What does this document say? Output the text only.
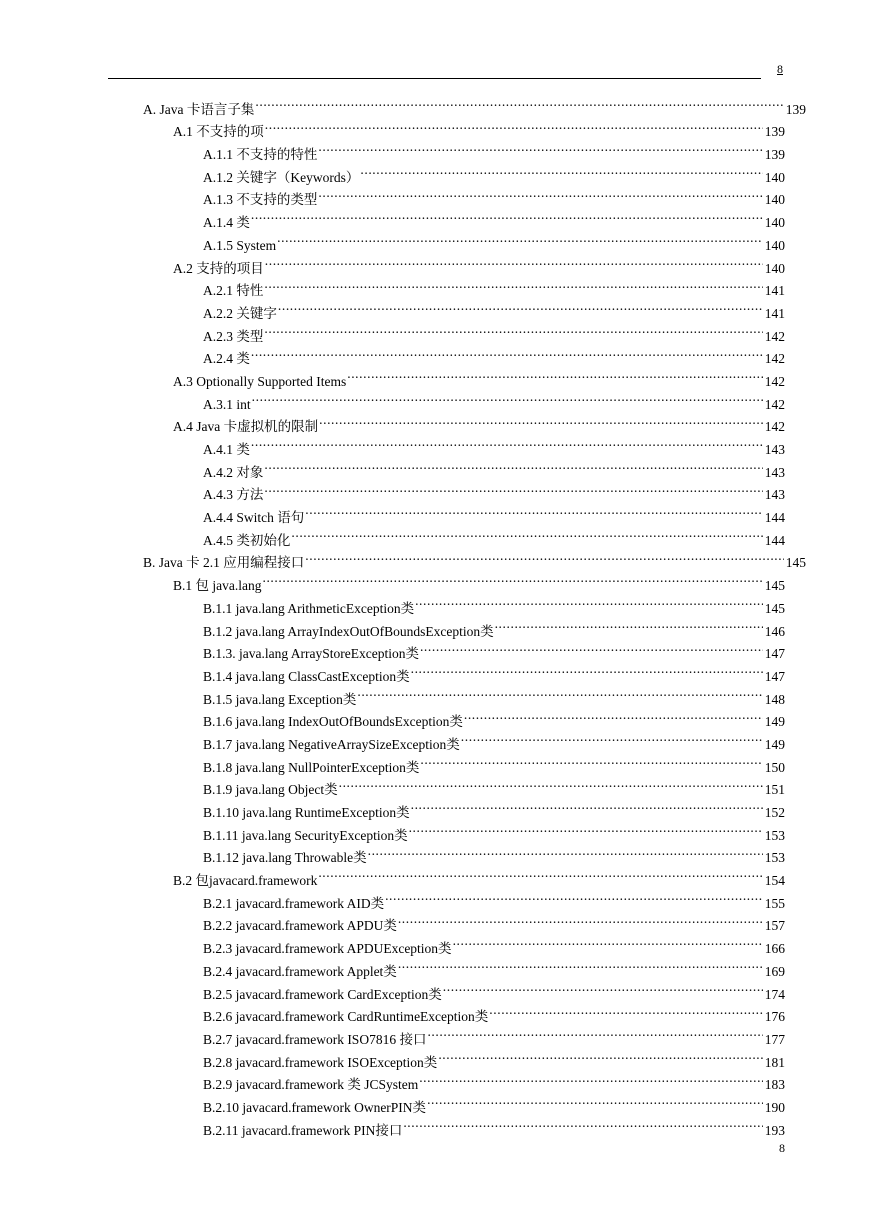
8
A. Java 卡语言子集 .....	139
A.1 不支持的项 .....	139
A.1.1 不支持的特性 .....	139
A.1.2 关键字（Keywords） .....	140
A.1.3 不支持的类型 .....	140
A.1.4 类 .....	140
A.1.5 System .....	140
A.2 支持的项目 .....	140
A.2.1 特性 .....	141
A.2.2 关键字 .....	141
A.2.3 类型 .....	142
A.2.4 类 .....	142
A.3 Optionally Supported Items .....	142
A.3.1 int .....	142
A.4 Java 卡虚拟机的限制 .....	142
A.4.1 类 .....	143
A.4.2 对象 .....	143
A.4.3 方法 .....	143
A.4.4 Switch 语句 .....	144
A.4.5 类初始化 .....	144
B. Java 卡 2.1 应用编程接口 .....	145
B.1 包 java.lang .....	145
B.1.1 java.lang ArithmeticException类 .....	145
B.1.2 java.lang ArrayIndexOutOfBoundsException类 .....	146
B.1.3. java.lang ArrayStoreException类 .....	147
B.1.4 java.lang ClassCastException类 .....	147
B.1.5 java.lang Exception类 .....	148
B.1.6 java.lang IndexOutOfBoundsException类 .....	149
B.1.7 java.lang NegativeArraySizeException类 .....	149
B.1.8 java.lang NullPointerException类 .....	150
B.1.9 java.lang Object类 .....	151
B.1.10 java.lang RuntimeException类 .....	152
B.1.11 java.lang SecurityException类 .....	153
B.1.12 java.lang Throwable类 .....	153
B.2 包javacard.framework .....	154
B.2.1 javacard.framework AID类 .....	155
B.2.2 javacard.framework APDU类 .....	157
B.2.3 javacard.framework APDUException类 .....	166
B.2.4 javacard.framework Applet类 .....	169
B.2.5 javacard.framework CardException类 .....	174
B.2.6 javacard.framework CardRuntimeException类 .....	176
B.2.7 javacard.framework ISO7816 接口 .....	177
B.2.8 javacard.framework ISOException类 .....	181
B.2.9 javacard.framework 类 JCSystem .....	183
B.2.10 javacard.framework OwnerPIN类 .....	190
B.2.11 javacard.framework PIN接口 .....	193
8
